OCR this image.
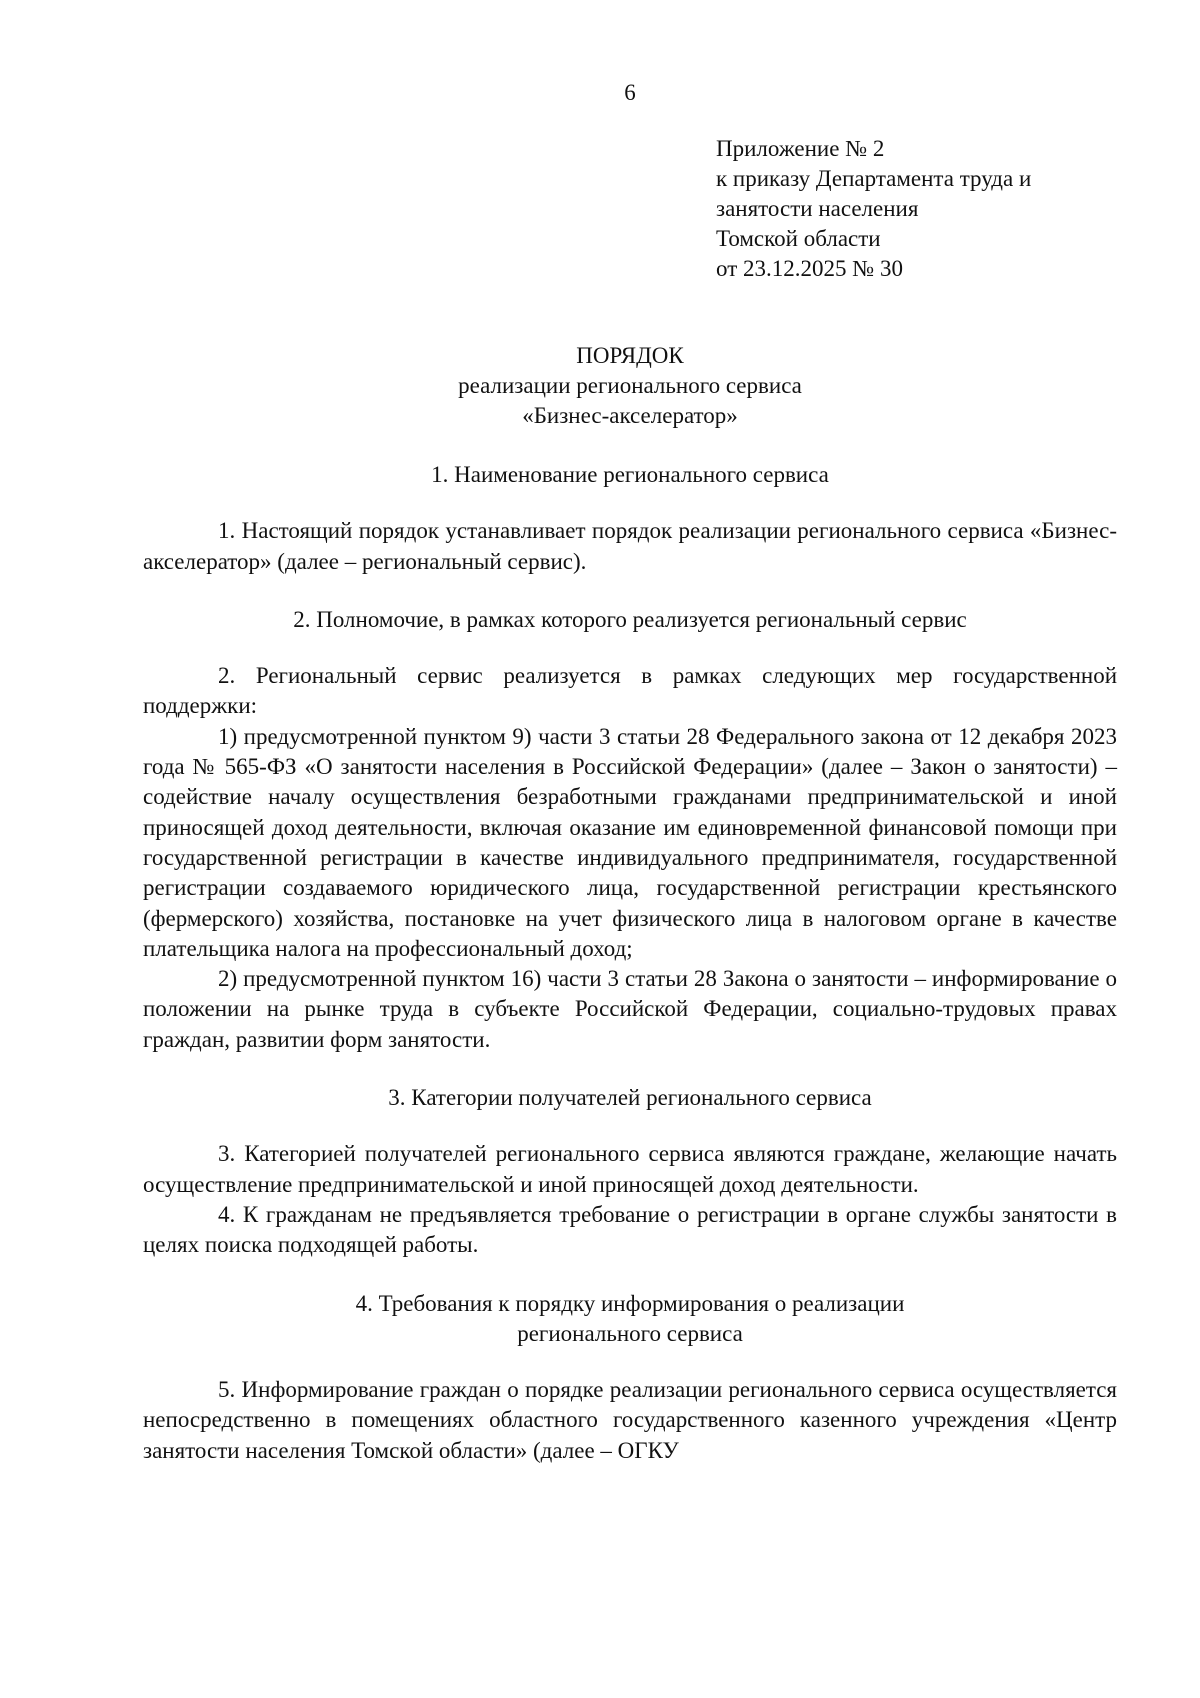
6
Приложение № 2
к приказу Департамента труда и
занятости населения
Томской области
от 23.12.2025 № 30
ПОРЯДОК
реализации регионального сервиса
«Бизнес-акселератор»

1. Наименование регионального сервиса

1. Настоящий порядок устанавливает порядок реализации регионального сервиса «Бизнес-акселератор» (далее – региональный сервис).

2. Полномочие, в рамках которого реализуется региональный сервис

2. Региональный сервис реализуется в рамках следующих мер государственной поддержки:

1) предусмотренной пунктом 9) части 3 статьи 28 Федерального закона от 12 декабря 2023 года № 565-ФЗ «О занятости населения в Российской Федерации» (далее – Закон о занятости) – содействие началу осуществления безработными гражданами предпринимательской и иной приносящей доход деятельности, включая оказание им единовременной финансовой помощи при государственной регистрации в качестве индивидуального предпринимателя, государственной регистрации создаваемого юридического лица, государственной регистрации крестьянского (фермерского) хозяйства, постановке на учет физического лица в налоговом органе в качестве плательщика налога на профессиональный доход;

2) предусмотренной пунктом 16) части 3 статьи 28 Закона о занятости – информирование о положении на рынке труда в субъекте Российской Федерации, социально-трудовых правах граждан, развитии форм занятости.

3. Категории получателей регионального сервиса

3. Категорией получателей регионального сервиса являются граждане, желающие начать осуществление предпринимательской и иной приносящей доход деятельности.

4. К гражданам не предъявляется требование о регистрации в органе службы занятости в целях поиска подходящей работы.

4. Требования к порядку информирования о реализации

регионального сервиса

5. Информирование граждан о порядке реализации регионального сервиса осуществляется непосредственно в помещениях областного государственного казенного учреждения «Центр занятости населения Томской области» (далее – ОГКУ
